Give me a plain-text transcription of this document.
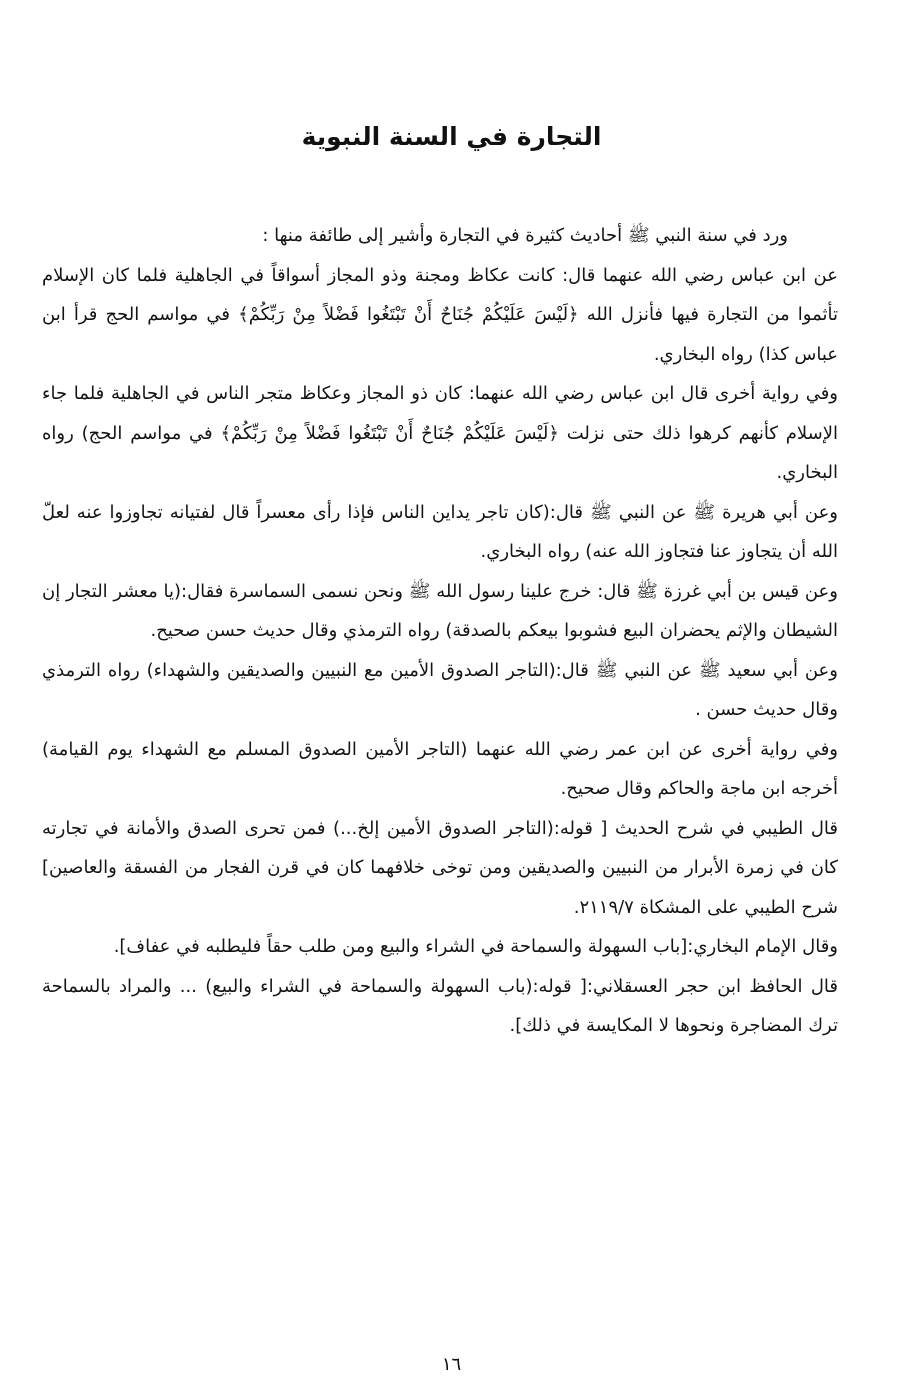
التجارة في السنة النبوية

ورد في سنة النبي ﷺ أحاديث كثيرة في التجارة وأشير إلى طائفة منها :

عن ابن عباس رضي الله عنهما قال: كانت عكاظ ومجنة وذو المجاز أسواقاً في الجاهلية فلما كان الإسلام تأثموا من التجارة فيها فأنزل الله ﴿لَيْسَ عَلَيْكُمْ جُنَاحٌ أَنْ تَبْتَغُوا فَضْلاً مِنْ رَبِّكُمْ﴾ في مواسم الحج قرأ ابن عباس كذا) رواه البخاري.

وفي رواية أخرى قال ابن عباس رضي الله عنهما: كان ذو المجاز وعكاظ متجر الناس في الجاهلية فلما جاء الإسلام كأنهم كرهوا ذلك حتى نزلت ﴿لَيْسَ عَلَيْكُمْ جُنَاحٌ أَنْ تَبْتَغُوا فَضْلاً مِنْ رَبِّكُمْ﴾ في مواسم الحج) رواه البخاري.

وعن أبي هريرة ﷺ عن النبي ﷺ قال:(كان تاجر يداين الناس فإذا رأى معسراً قال لفتيانه تجاوزوا عنه لعلّ الله أن يتجاوز عنا فتجاوز الله عنه) رواه البخاري.

وعن قيس بن أبي غرزة ﷺ قال: خرج علينا رسول الله ﷺ ونحن نسمى السماسرة فقال:(يا معشر التجار إن الشيطان والإثم يحضران البيع فشوبوا بيعكم بالصدقة) رواه الترمذي وقال حديث حسن صحيح.

وعن أبي سعيد ﷺ عن النبي ﷺ قال:(التاجر الصدوق الأمين مع النبيين والصديقين والشهداء) رواه الترمذي وقال حديث حسن .

وفي رواية أخرى عن ابن عمر رضي الله عنهما (التاجر الأمين الصدوق المسلم مع الشهداء يوم القيامة) أخرجه ابن ماجة والحاكم وقال صحيح.

قال الطيبي في شرح الحديث [ قوله:(التاجر الصدوق الأمين إلخ...) فمن تحرى الصدق والأمانة في تجارته كان في زمرة الأبرار من النبيين والصديقين ومن توخى خلافهما كان في قرن الفجار من الفسقة والعاصين] شرح الطيبي على المشكاة ٢١١٩/٧.

وقال الإمام البخاري:[باب السهولة والسماحة في الشراء والبيع ومن طلب حقاً فليطلبه في عفاف].

قال الحافظ ابن حجر العسقلاني:[ قوله:(باب السهولة والسماحة في الشراء والبيع) ... والمراد بالسماحة ترك المضاجرة ونحوها لا المكايسة في ذلك].

١٦
